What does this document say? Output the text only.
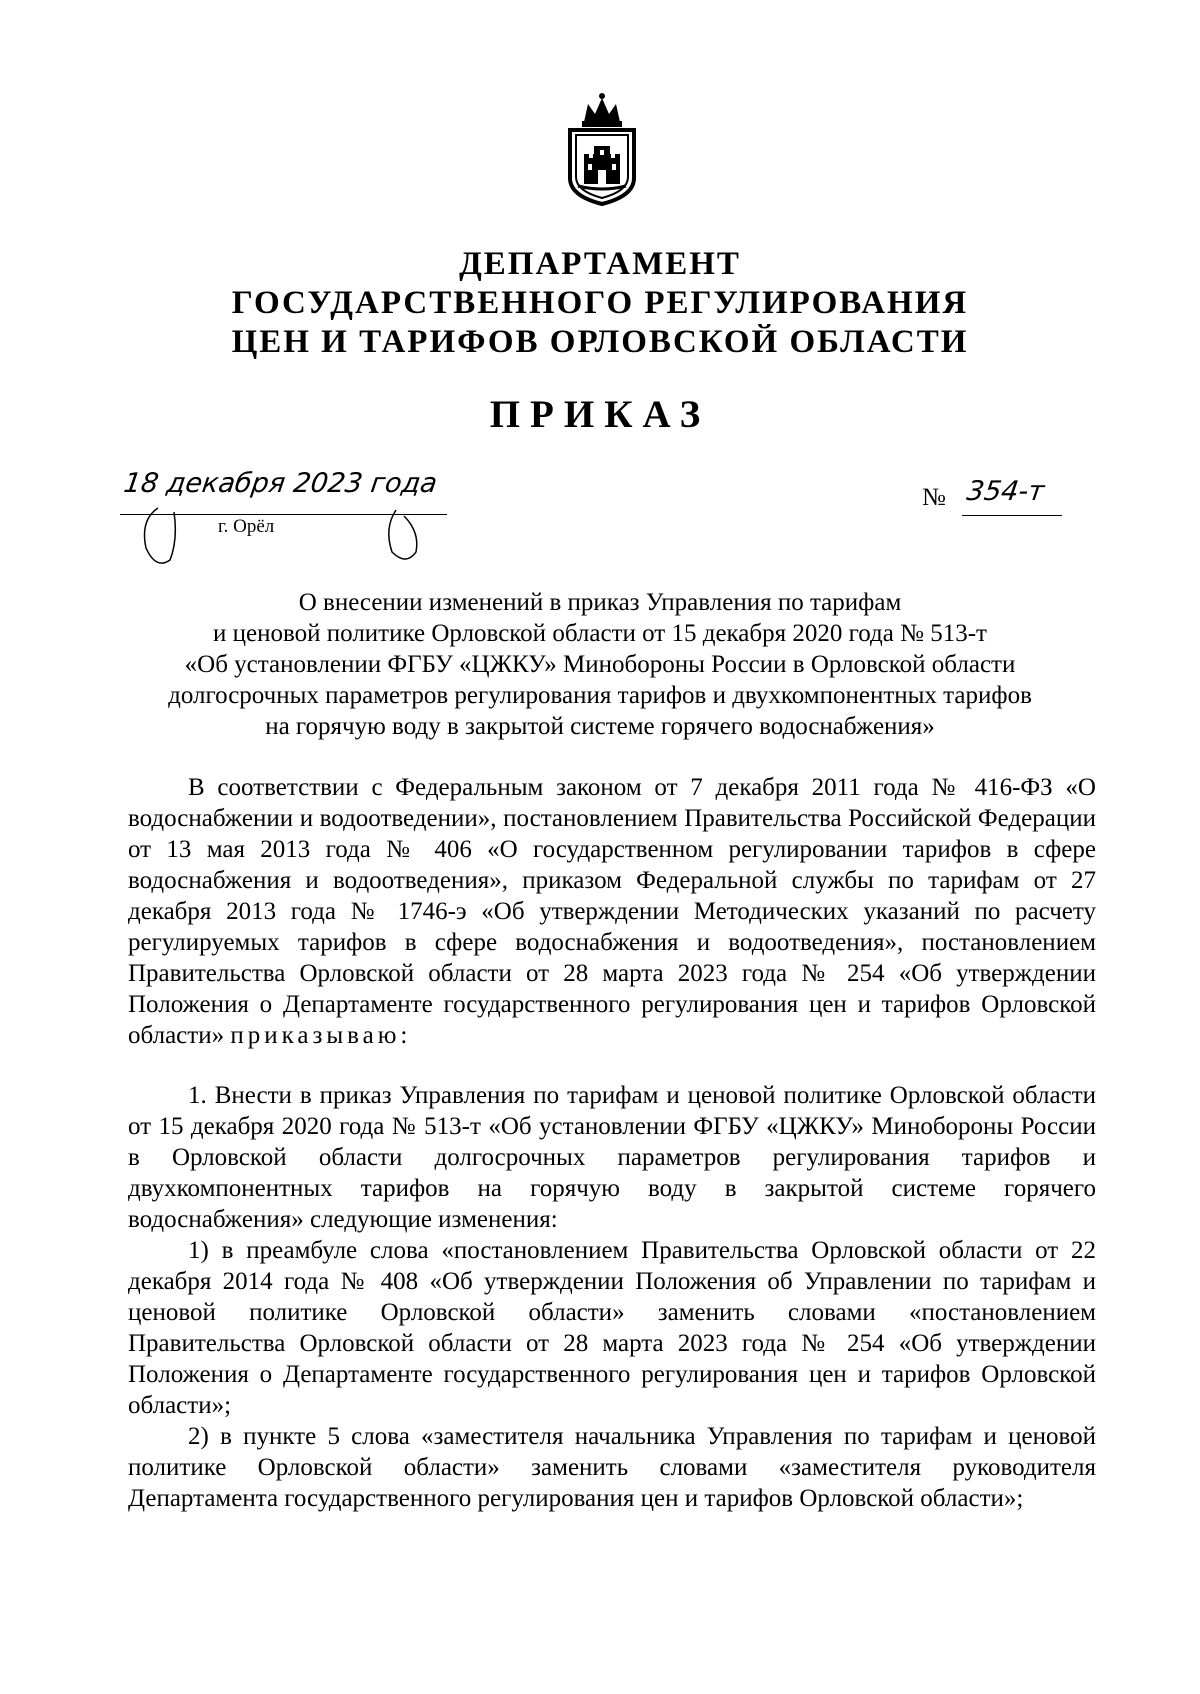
ДЕПАРТАМЕНТ
ГОСУДАРСТВЕННОГО РЕГУЛИРОВАНИЯ
ЦЕН И ТАРИФОВ ОРЛОВСКОЙ ОБЛАСТИ
ПРИКАЗ
18 декабря 2023 года
г. Орёл
№ 354-т
О внесении изменений в приказ Управления по тарифам
и ценовой политике Орловской области от 15 декабря 2020 года № 513-т
«Об установлении ФГБУ «ЦЖКУ» Минобороны России в Орловской области
долгосрочных параметров регулирования тарифов и двухкомпонентных тарифов
на горячую воду в закрытой системе горячего водоснабжения»

В соответствии с Федеральным законом от 7 декабря 2011 года № 416-ФЗ «О водоснабжении и водоотведении», постановлением Правительства Российской Федерации от 13 мая 2013 года № 406 «О государственном регулировании тарифов в сфере водоснабжения и водоотведения», приказом Федеральной службы по тарифам от 27 декабря 2013 года № 1746-э «Об утверждении Методических указаний по расчету регулируемых тарифов в сфере водоснабжения и водоотведения», постановлением Правительства Орловской области от 28 марта 2023 года № 254 «Об утверждении Положения о Департаменте государственного регулирования цен и тарифов Орловской области» приказываю:

1. Внести в приказ Управления по тарифам и ценовой политике Орловской области от 15 декабря 2020 года № 513-т «Об установлении ФГБУ «ЦЖКУ» Минобороны России в Орловской области долгосрочных параметров регулирования тарифов и двухкомпонентных тарифов на горячую воду в закрытой системе горячего водоснабжения» следующие изменения:

1) в преамбуле слова «постановлением Правительства Орловской области от 22 декабря 2014 года № 408 «Об утверждении Положения об Управлении по тарифам и ценовой политике Орловской области» заменить словами «постановлением Правительства Орловской области от 28 марта 2023 года № 254 «Об утверждении Положения о Департаменте государственного регулирования цен и тарифов Орловской области»;

2) в пункте 5 слова «заместителя начальника Управления по тарифам и ценовой политике Орловской области» заменить словами «заместителя руководителя Департамента государственного регулирования цен и тарифов Орловской области»;
